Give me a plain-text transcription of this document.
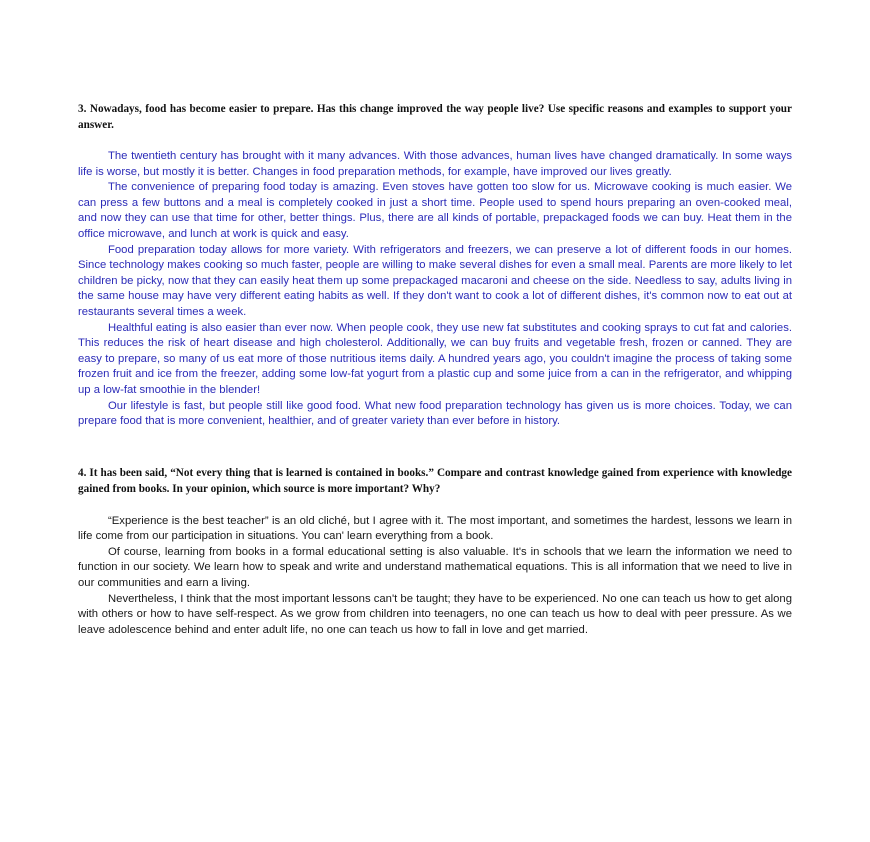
3. Nowadays, food has become easier to prepare. Has this change improved the way people live? Use specific reasons and examples to support your answer.

The twentieth century has brought with it many advances. With those advances, human lives have changed dramatically. In some ways life is worse, but mostly it is better. Changes in food preparation methods, for example, have improved our lives greatly.

The convenience of preparing food today is amazing. Even stoves have gotten too slow for us. Microwave cooking is much easier. We can press a few buttons and a meal is completely cooked in just a short time. People used to spend hours preparing an oven-cooked meal, and now they can use that time for other, better things. Plus, there are all kinds of portable, prepackaged foods we can buy. Heat them in the office microwave, and lunch at work is quick and easy.

Food preparation today allows for more variety. With refrigerators and freezers, we can preserve a lot of different foods in our homes. Since technology makes cooking so much faster, people are willing to make several dishes for even a small meal. Parents are more likely to let children be picky, now that they can easily heat them up some prepackaged macaroni and cheese on the side. Needless to say, adults living in the same house may have very different eating habits as well. If they don't want to cook a lot of different dishes, it's common now to eat out at restaurants several times a week.

Healthful eating is also easier than ever now. When people cook, they use new fat substitutes and cooking sprays to cut fat and calories. This reduces the risk of heart disease and high cholesterol. Additionally, we can buy fruits and vegetable fresh, frozen or canned. They are easy to prepare, so many of us eat more of those nutritious items daily. A hundred years ago, you couldn't imagine the process of taking some frozen fruit and ice from the freezer, adding some low-fat yogurt from a plastic cup and some juice from a can in the refrigerator, and whipping up a low-fat smoothie in the blender!

Our lifestyle is fast, but people still like good food. What new food preparation technology has given us is more choices. Today, we can prepare food that is more convenient, healthier, and of greater variety than ever before in history.

4. It has been said, “Not every thing that is learned is contained in books.” Compare and contrast knowledge gained from experience with knowledge gained from books. In your opinion, which source is more important? Why?

“Experience is the best teacher” is an old cliché, but I agree with it. The most important, and sometimes the hardest, lessons we learn in life come from our participation in situations. You can' learn everything from a book.

Of course, learning from books in a formal educational setting is also valuable. It's in schools that we learn the information we need to function in our society. We learn how to speak and write and understand mathematical equations. This is all information that we need to live in our communities and earn a living.

Nevertheless, I think that the most important lessons can't be taught; they have to be experienced. No one can teach us how to get along with others or how to have self-respect. As we grow from children into teenagers, no one can teach us how to deal with peer pressure. As we leave adolescence behind and enter adult life, no one can teach us how to fall in love and get married.
